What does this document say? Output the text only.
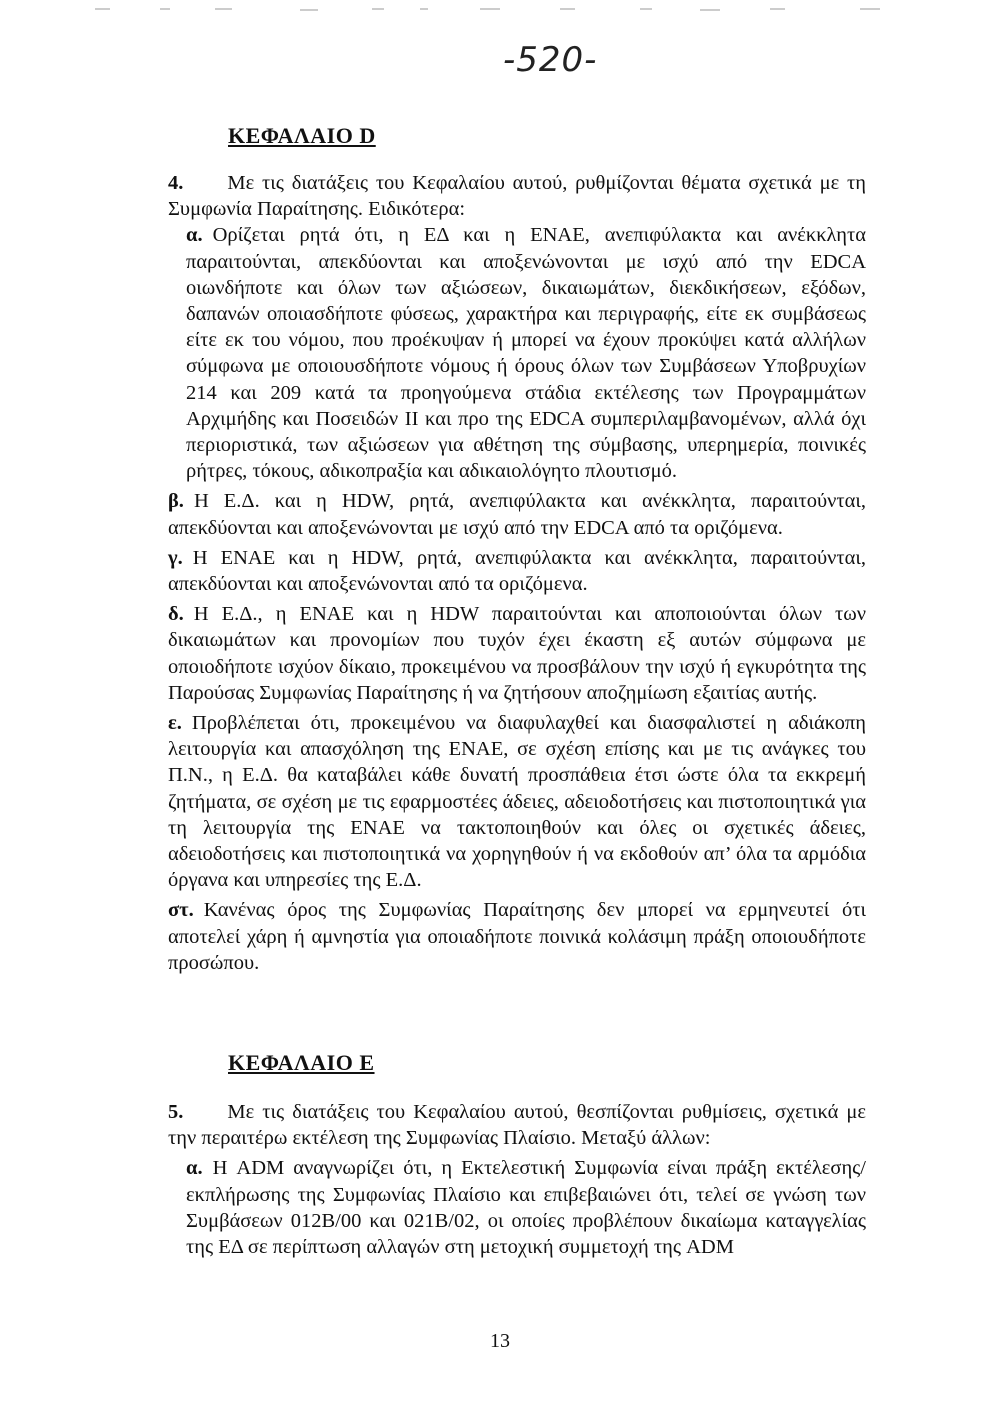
-520-
ΚΕΦΑΛΑΙΟ D

4. Με τις διατάξεις του Κεφαλαίου αυτού, ρυθμίζονται θέματα σχετικά με τη Συμφωνία Παραίτησης. Ειδικότερα:

α. Ορίζεται ρητά ότι, η ΕΔ και η ΕΝΑΕ, ανεπιφύλακτα και ανέκκλητα παραιτούνται, απεκδύονται και αποξενώνονται με ισχύ από την EDCA οιωνδήποτε και όλων των αξιώσεων, δικαιωμάτων, διεκδικήσεων, εξόδων, δαπανών οποιασδήποτε φύσεως, χαρακτήρα και περιγραφής, είτε εκ συμβάσεως είτε εκ του νόμου, που προέκυψαν ή μπορεί να έχουν προκύψει κατά αλλήλων σύμφωνα με οποιουσδήποτε νόμους ή όρους όλων των Συμβάσεων Υποβρυχίων 214 και 209 κατά τα προηγούμενα στάδια εκτέλεσης των Προγραμμάτων Αρχιμήδης και Ποσειδών ΙΙ και προ της EDCA συμπεριλαμβανομένων, αλλά όχι περιοριστικά, των αξιώσεων για αθέτηση της σύμβασης, υπερημερία, ποινικές ρήτρες, τόκους, αδικοπραξία και αδικαιολόγητο πλουτισμό.

β. Η Ε.Δ. και η HDW, ρητά, ανεπιφύλακτα και ανέκκλητα, παραιτούνται, απεκδύονται και αποξενώνονται με ισχύ από την EDCA από τα οριζόμενα.

γ. Η ΕΝΑΕ και η HDW, ρητά, ανεπιφύλακτα και ανέκκλητα, παραιτούνται, απεκδύονται και αποξενώνονται από τα οριζόμενα.

δ. Η Ε.Δ., η ΕΝΑΕ και η HDW παραιτούνται και αποποιούνται όλων των δικαιωμάτων και προνομίων που τυχόν έχει έκαστη εξ αυτών σύμφωνα με οποιοδήποτε ισχύον δίκαιο, προκειμένου να προσβάλουν την ισχύ ή εγκυρότητα της Παρούσας Συμφωνίας Παραίτησης ή να ζητήσουν αποζημίωση εξαιτίας αυτής.

ε. Προβλέπεται ότι, προκειμένου να διαφυλαχθεί και διασφαλιστεί η αδιάκοπη λειτουργία και απασχόληση της ΕΝΑΕ, σε σχέση επίσης και με τις ανάγκες του Π.Ν., η Ε.Δ. θα καταβάλει κάθε δυνατή προσπάθεια έτσι ώστε όλα τα εκκρεμή ζητήματα, σε σχέση με τις εφαρμοστέες άδειες, αδειοδοτήσεις και πιστοποιητικά για τη λειτουργία της ΕΝΑΕ να τακτοποιηθούν και όλες οι σχετικές άδειες, αδειοδοτήσεις και πιστοποιητικά να χορηγηθούν ή να εκδοθούν απ’ όλα τα αρμόδια όργανα και υπηρεσίες της Ε.Δ.

στ. Κανένας όρος της Συμφωνίας Παραίτησης δεν μπορεί να ερμηνευτεί ότι αποτελεί χάρη ή αμνηστία για οποιαδήποτε ποινικά κολάσιμη πράξη οποιουδήποτε προσώπου.

ΚΕΦΑΛΑΙΟ Ε

5. Με τις διατάξεις του Κεφαλαίου αυτού, θεσπίζονται ρυθμίσεις, σχετικά με την περαιτέρω εκτέλεση της Συμφωνίας Πλαίσιο. Μεταξύ άλλων:

α. Η ADM αναγνωρίζει ότι, η Εκτελεστική Συμφωνία είναι πράξη εκτέλεσης/εκπλήρωσης της Συμφωνίας Πλαίσιο και επιβεβαιώνει ότι, τελεί σε γνώση των Συμβάσεων 012Β/00 και 021Β/02, οι οποίες προβλέπουν δικαίωμα καταγγελίας της ΕΔ σε περίπτωση αλλαγών στη μετοχική συμμετοχή της ADM

13
